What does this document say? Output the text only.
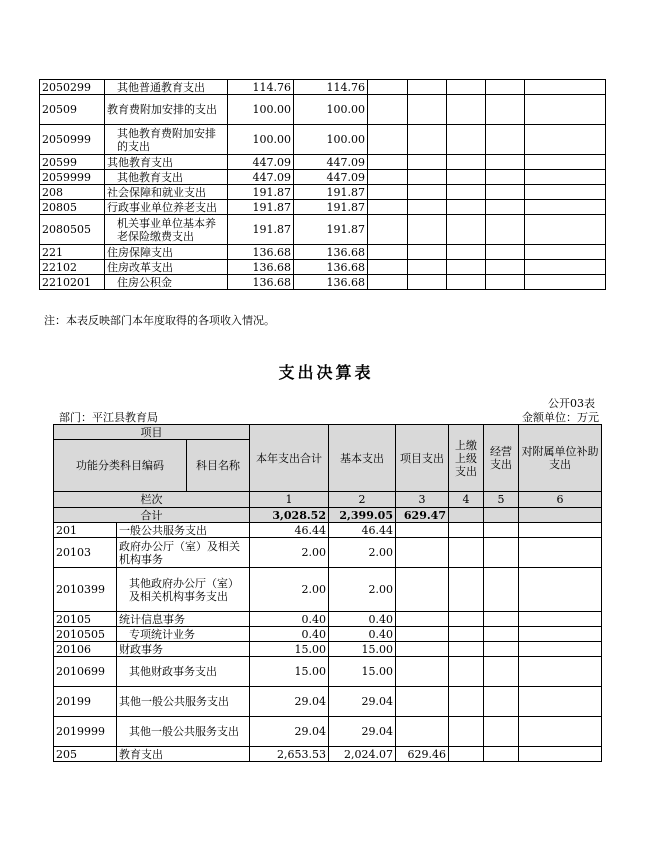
2050299	其他普通教育支出	114.76	114.76					
20509	教育费附加安排的支出	100.00	100.00					
2050999	其他教育费附加安排的支出	100.00	100.00					
20599	其他教育支出	447.09	447.09					
2059999	其他教育支出	447.09	447.09					
208	社会保障和就业支出	191.87	191.87					
20805	行政事业单位养老支出	191.87	191.87					
2080505	机关事业单位基本养老保险缴费支出	191.87	191.87					
221	住房保障支出	136.68	136.68					
22102	住房改革支出	136.68	136.68					
2210201	住房公积金	136.68	136.68					
注：本表反映部门本年度取得的各项收入情况。
支出决算表
公开03表
部门：平江县教育局	金额单位：万元
项目			本年支出合计	基本支出	项目支出	上缴上级支出	经营支出	对附属单位补助支出
功能分类科目编码		科目名称						
栏次			1	2	3	4	5	6
合计			3,028.52	2,399.05	629.47			
201	一般公共服务支出		46.44	46.44				
20103	政府办公厅（室）及相关机构事务		2.00	2.00				
2010399	其他政府办公厅（室）及相关机构事务支出		2.00	2.00				
20105	统计信息事务		0.40	0.40				
2010505	专项统计业务		0.40	0.40				
20106	财政事务		15.00	15.00				
2010699	其他财政事务支出		15.00	15.00				
20199	其他一般公共服务支出		29.04	29.04				
2019999	其他一般公共服务支出		29.04	29.04				
205	教育支出		2,653.53	2,024.07	629.46			
